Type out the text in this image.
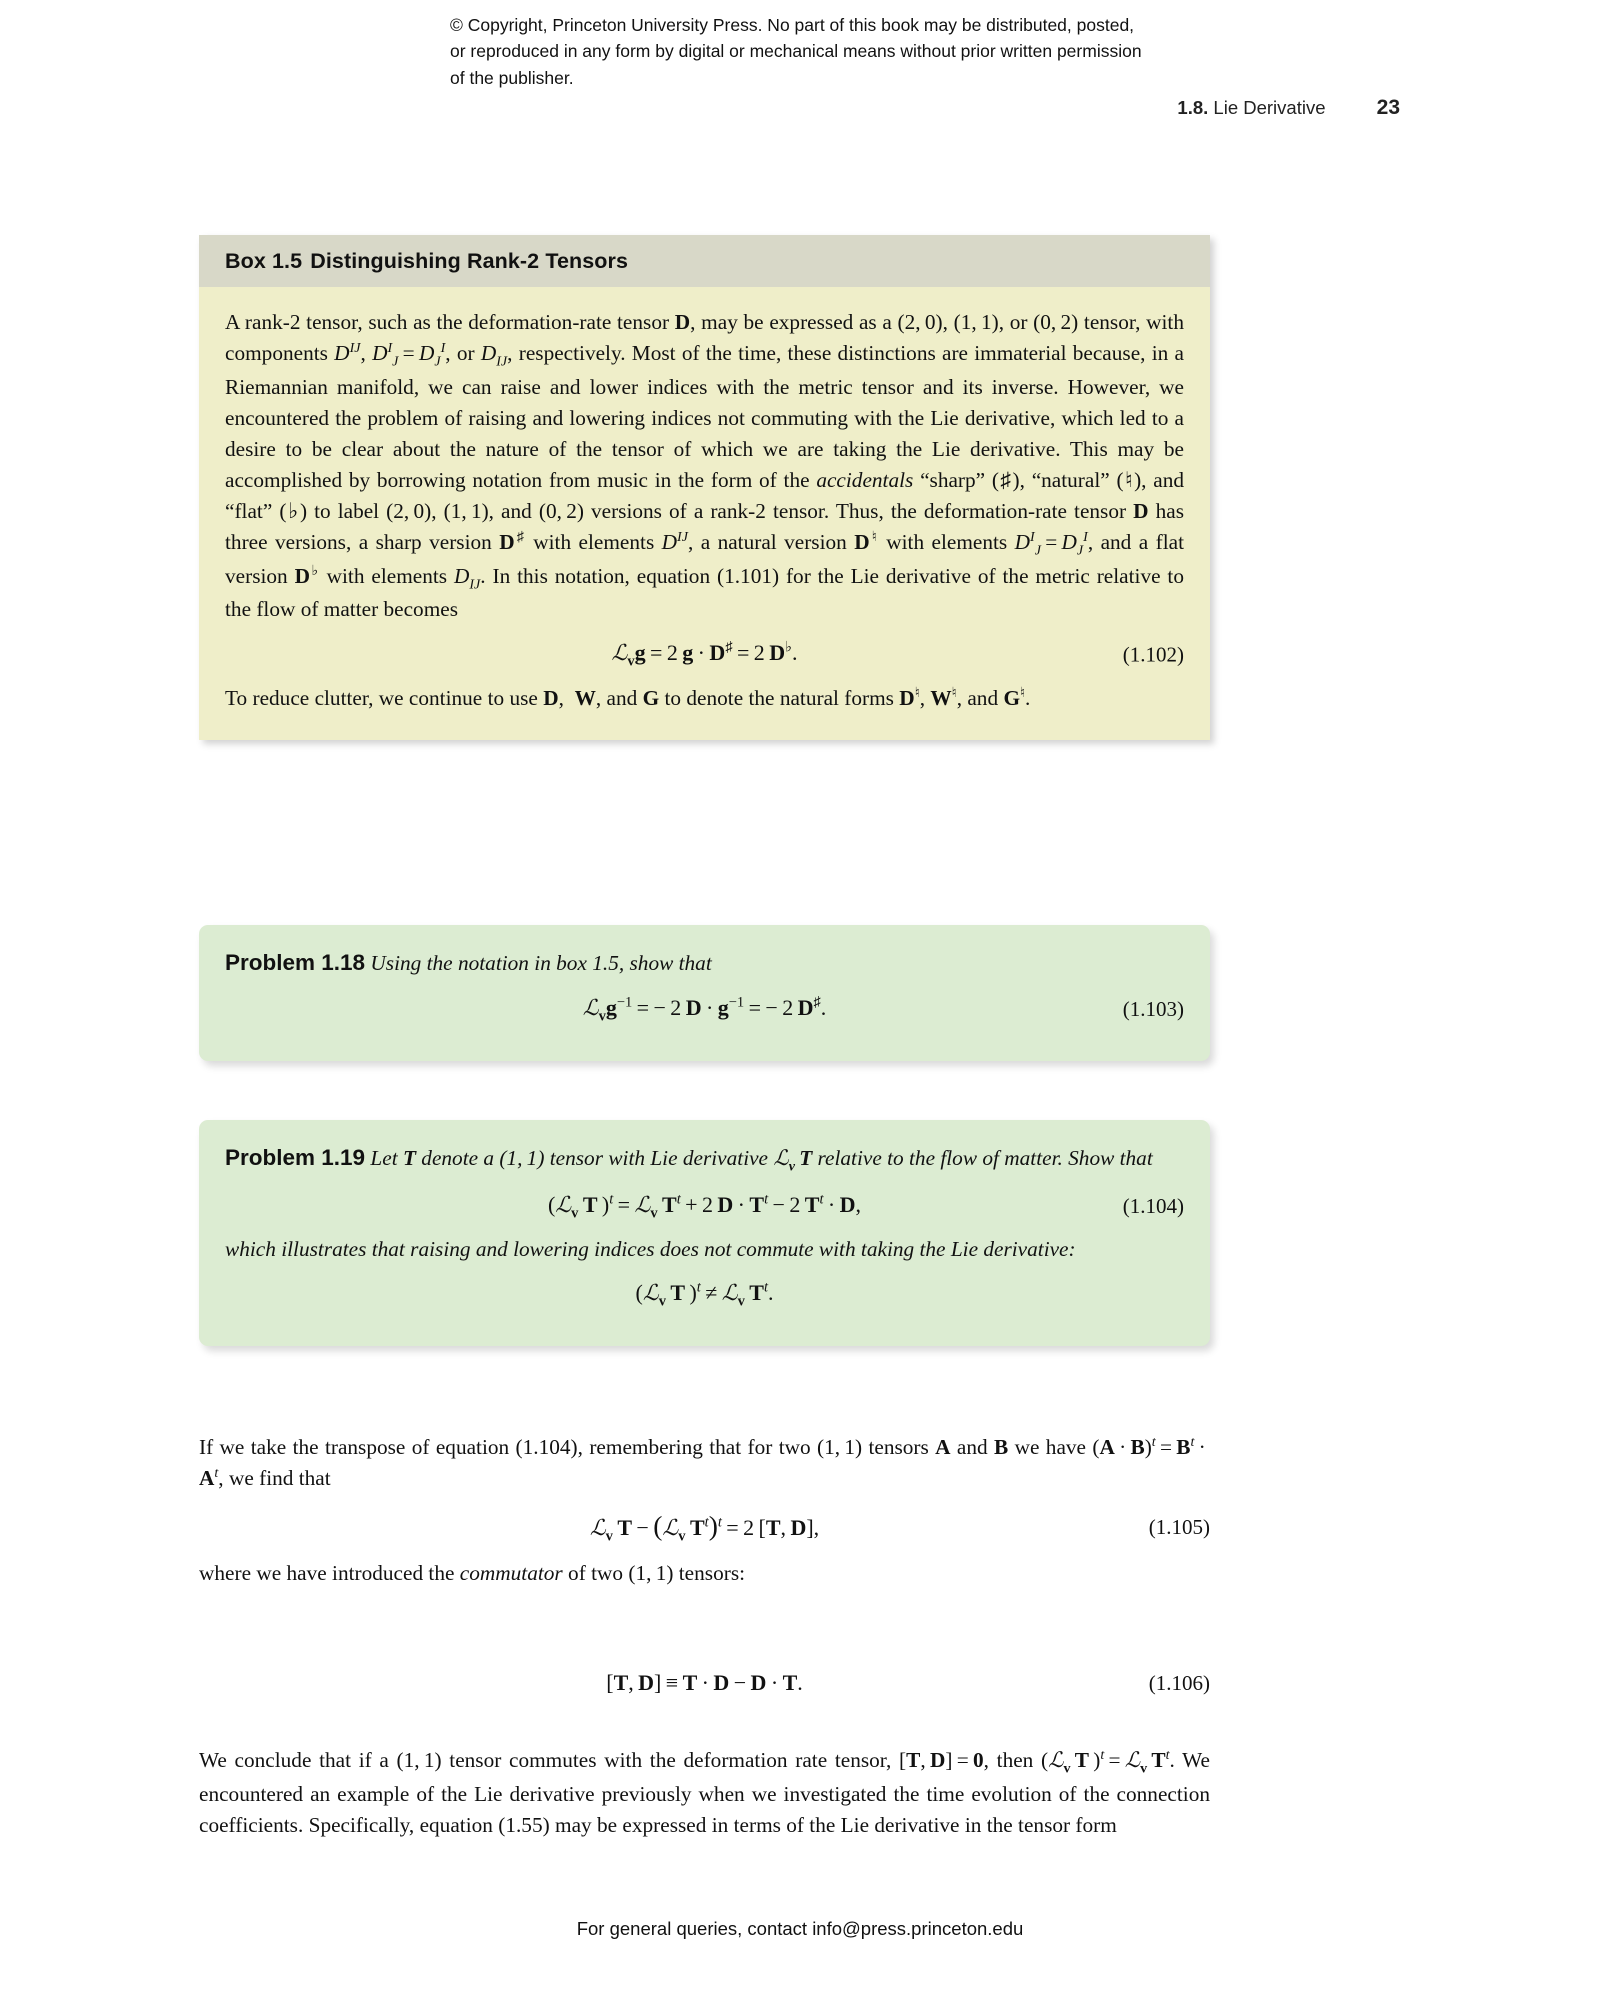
© Copyright, Princeton University Press. No part of this book may be distributed, posted, or reproduced in any form by digital or mechanical means without prior written permission of the publisher.
1.8. Lie Derivative 23
Box 1.5 Distinguishing Rank-2 Tensors

A rank-2 tensor, such as the deformation-rate tensor D, may be expressed as a (2, 0), (1, 1), or (0, 2) tensor, with components $D^{IJ}$, $D^I_J = D_J^I$, or $D_{IJ}$, respectively. Most of the time, these distinctions are immaterial because, in a Riemannian manifold, we can raise and lower indices with the metric tensor and its inverse. However, we encountered the problem of raising and lowering indices not commuting with the Lie derivative, which led to a desire to be clear about the nature of the tensor of which we are taking the Lie derivative. This may be accomplished by borrowing notation from music in the form of the accidentals “sharp” (♯), “natural” (♮), and “flat” (♭) to label (2, 0), (1, 1), and (0, 2) versions of a rank-2 tensor. Thus, the deformation-rate tensor D has three versions, a sharp version D♯ with elements $D^{IJ}$, a natural version D♮ with elements $D^I_J = D_J^I$, and a flat version D♭ with elements $D_{IJ}$. In this notation, equation (1.101) for the Lie derivative of the metric relative to the flow of matter becomes

ℒ$_v$g = 2 g · D♯ = 2 D♭.	(1.102)

To reduce clutter, we continue to use D,  W, and G to denote the natural forms D♮, W♮, and G♮.

Problem 1.18 Using the notation in box 1.5, show that
$ℒ_vg^{-1}$ = − 2 $D \cdot g^{-1}$ = − 2 D♯.	(1.103)
Problem 1.19 Let T denote a (1, 1) tensor with Lie derivative ℒ$_v$  T relative to the flow of matter. Show that
(ℒ$_v$  T )$^t$ = ℒ$_v$  $T^t + 2$ $D \cdot T^t - 2$ $T^t \cdot D$,	(1.104)
which illustrates that raising and lowering indices does not commute with taking the Lie derivative:
(ℒ$_v$  T )$^t$ ≠ ℒ$_v$  $T^t$.
If we take the transpose of equation (1.104), remembering that for two (1, 1) tensors A and B we have $(A \cdot B)^t = B^t \cdot A^t$, we find that
ℒ$_v$  T − (ℒ$_v$  $T^t)^t = 2$ [T, D],	(1.105)
where we have introduced the commutator of two (1, 1) tensors:
[T, D] ≡ T · D − D · T.	(1.106)
We conclude that if a (1, 1) tensor commutes with the deformation rate tensor, [T, D] = 0, then (ℒ$_v$  T )$^t$ = ℒ$_v$  $T^t$. We encountered an example of the Lie derivative previously when we investigated the time evolution of the connection coefficients. Specifically, equation (1.55) may be expressed in terms of the Lie derivative in the tensor form
For general queries, contact info@press.princeton.edu
